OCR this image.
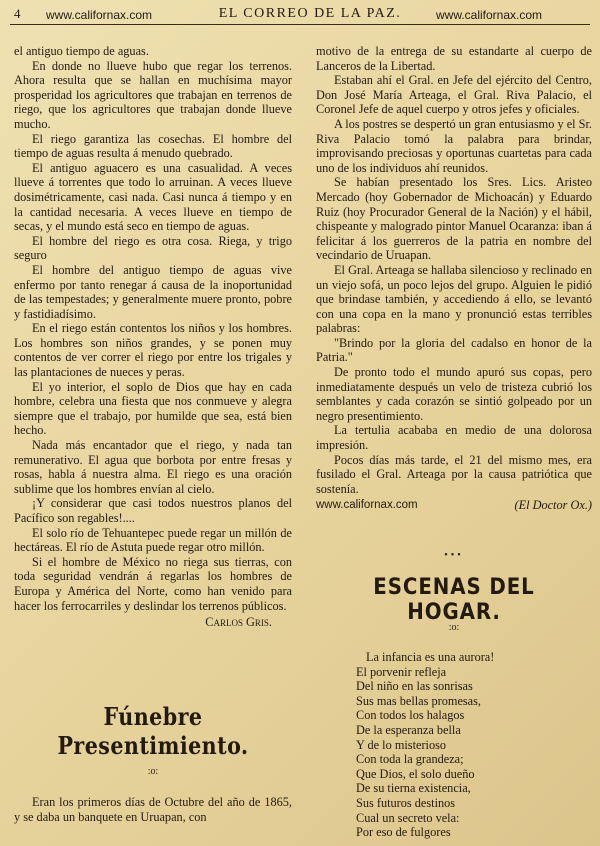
4 www.californax.com	EL CORREO DE LA PAZ.	www.californax.com

el antiguo tiempo de aguas.

En donde no llueve hubo que regar los terrenos. Ahora resulta que se hallan en muchísima mayor prosperidad los agricultores que trabajan en terrenos de riego, que los agricultores que trabajan donde llueve mucho.

El riego garantiza las cosechas. El hombre del tiempo de aguas resulta á menudo quebrado.

El antiguo aguacero es una casualidad. A veces llueve á torrentes que todo lo arruinan. A veces llueve dosimétricamente, casi nada. Casi nunca á tiempo y en la cantidad necesaria. A veces llueve en tiempo de secas, y el mundo está seco en tiempo de aguas.

El hombre del riego es otra cosa. Riega, y trigo seguro

El hombre del antiguo tiempo de aguas vive enfermo por tanto renegar á causa de la inoportunidad de las tempestades; y generalmente muere pronto, pobre y fastidiadísimo.

En el riego están contentos los niños y los hombres. Los hombres son niños grandes, y se ponen muy contentos de ver correr el riego por entre los trigales y las plantaciones de nueces y peras.

El yo interior, el soplo de Dios que hay en cada hombre, celebra una fiesta que nos conmueve y alegra siempre que el trabajo, por humilde que sea, está bien hecho.

Nada más encantador que el riego, y nada tan remunerativo. El agua que borbota por entre fresas y rosas, habla á nuestra alma. El riego es una oración sublime que los hombres envían al cielo.

¡Y considerar que casi todos nuestros planos del Pacífico son regables!....

El solo río de Tehuantepec puede regar un millón de hectáreas. El río de Astuta puede regar otro millón.

Si el hombre de México no riega sus tierras, con toda seguridad vendrán á regarlas los hombres de Europa y América del Norte, como han venido para hacer los ferrocarriles y deslindar los terrenos públicos.

Carlos Gris.

Fúnebre Presentimiento.
:o:

Eran los primeros días de Octubre del año de 1865, y se daba un banquete en Uruapan, con

motivo de la entrega de su estandarte al cuerpo de Lanceros de la Libertad.

Estaban ahí el Gral. en Jefe del ejército del Centro, Don José María Arteaga, el Gral. Riva Palacio, el Coronel Jefe de aquel cuerpo y otros jefes y oficiales.

A los postres se despertó un gran entusiasmo y el Sr. Riva Palacio tomó la palabra para brindar, improvisando preciosas y oportunas cuartetas para cada uno de los individuos ahí reunidos.

Se habían presentado los Sres. Lics. Aristeo Mercado (hoy Gobernador de Michoacán) y Eduardo Ruiz (hoy Procurador General de la Nación) y el hábil, chispeante y malogrado pintor Manuel Ocaranza: iban á felicitar á los guerreros de la patria en nombre del vecindario de Uruapan.

El Gral. Arteaga se hallaba silencioso y reclinado en un viejo sofá, un poco lejos del grupo. Alguien le pidió que brindase también, y accediendo á ello, se levantó con una copa en la mano y pronunció estas terribles palabras:

"Brindo por la gloria del cadalso en honor de la Patria."

De pronto todo el mundo apuró sus copas, pero inmediatamente después un velo de tristeza cubrió los semblantes y cada corazón se sintió golpeado por un negro presentimiento.

La tertulia acababa en medio de una dolorosa impresión.

Pocos días más tarde, el 21 del mismo mes, era fusilado el Gral. Arteaga por la causa patriótica que sostenía.

www.californax.com	(El Doctor Ox.)
•••
ESCENAS DEL HOGAR.
:o:
La infancia es una aurora!
El porvenir refleja
Del niño en las sonrisas
Sus mas bellas promesas,
Con todos los halagos
De la esperanza bella
Y de lo misterioso
Con toda la grandeza;
Que Dios, el solo dueño
De su tierna existencia,
Sus futuros destinos
Cual un secreto vela:
Por eso de fulgores
